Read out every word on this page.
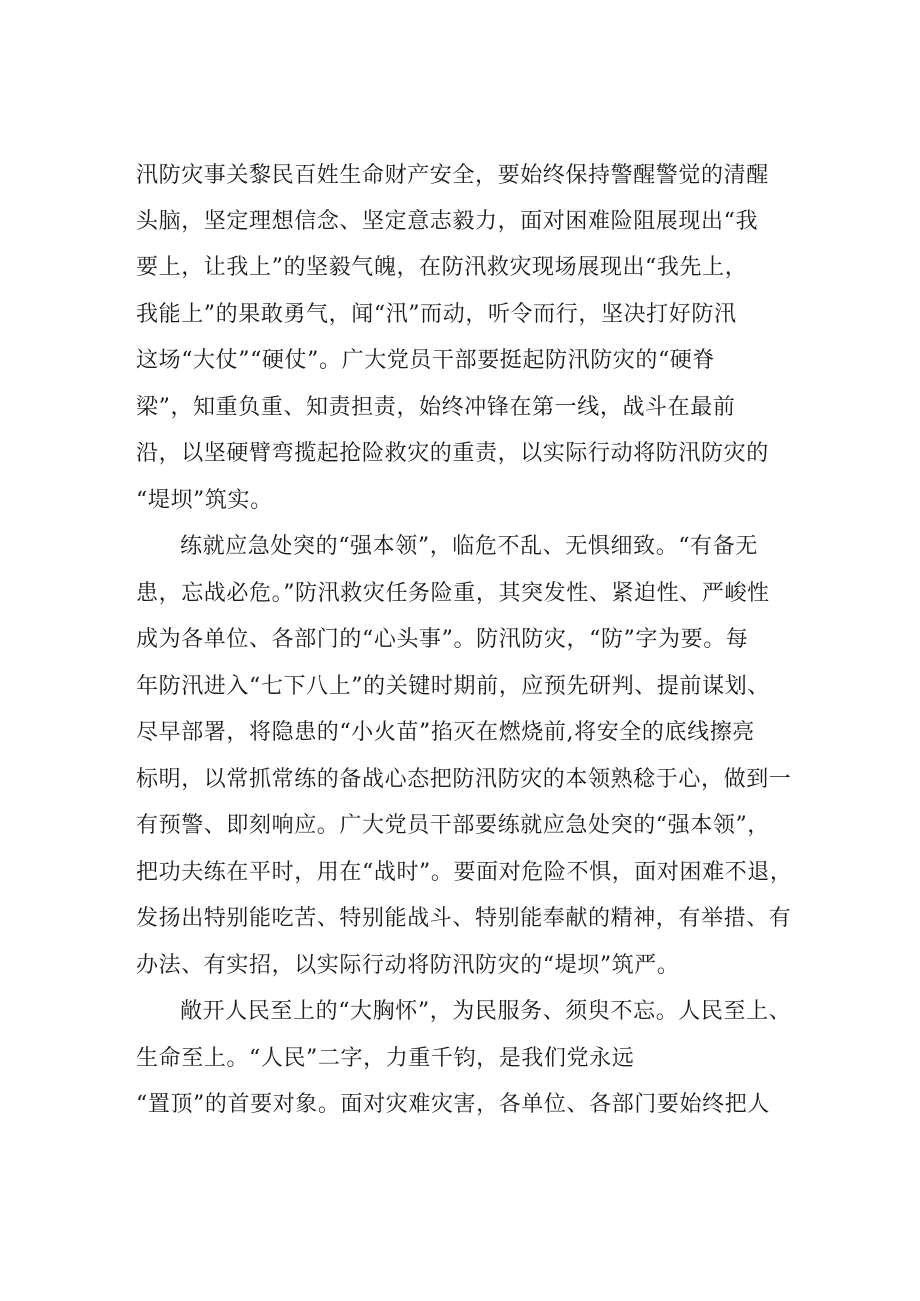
汛防灾事关黎民百姓生命财产安全，要始终保持警醒警觉的清醒
头脑，坚定理想信念、坚定意志毅力，面对困难险阻展现出“我
要上，让我上”的坚毅气魄，在防汛救灾现场展现出“我先上，
我能上”的果敢勇气，闻“汛”而动，听令而行，坚决打好防汛
这场“大仗”“硬仗”。广大党员干部要挺起防汛防灾的“硬脊
梁”，知重负重、知责担责，始终冲锋在第一线，战斗在最前
沿，以坚硬臂弯揽起抢险救灾的重责，以实际行动将防汛防灾的
“堤坝”筑实。
练就应急处突的“强本领”，临危不乱、无惧细致。“有备无
患，忘战必危。”防汛救灾任务险重，其突发性、紧迫性、严峻性
成为各单位、各部门的“心头事”。防汛防灾，“防”字为要。每
年防汛进入“七下八上”的关键时期前，应预先研判、提前谋划、
尽早部署，将隐患的“小火苗”掐灭在燃烧前,将安全的底线擦亮
标明，以常抓常练的备战心态把防汛防灾的本领熟稔于心，做到一
有预警、即刻响应。广大党员干部要练就应急处突的“强本领”，
把功夫练在平时，用在“战时”。要面对危险不惧，面对困难不退，
发扬出特别能吃苦、特别能战斗、特别能奉献的精神，有举措、有
办法、有实招，以实际行动将防汛防灾的“堤坝”筑严。
敞开人民至上的“大胸怀”，为民服务、须臾不忘。人民至上、
生命至上。“人民”二字，力重千钧，是我们党永远
“置顶”的首要对象。面对灾难灾害，各单位、各部门要始终把人
